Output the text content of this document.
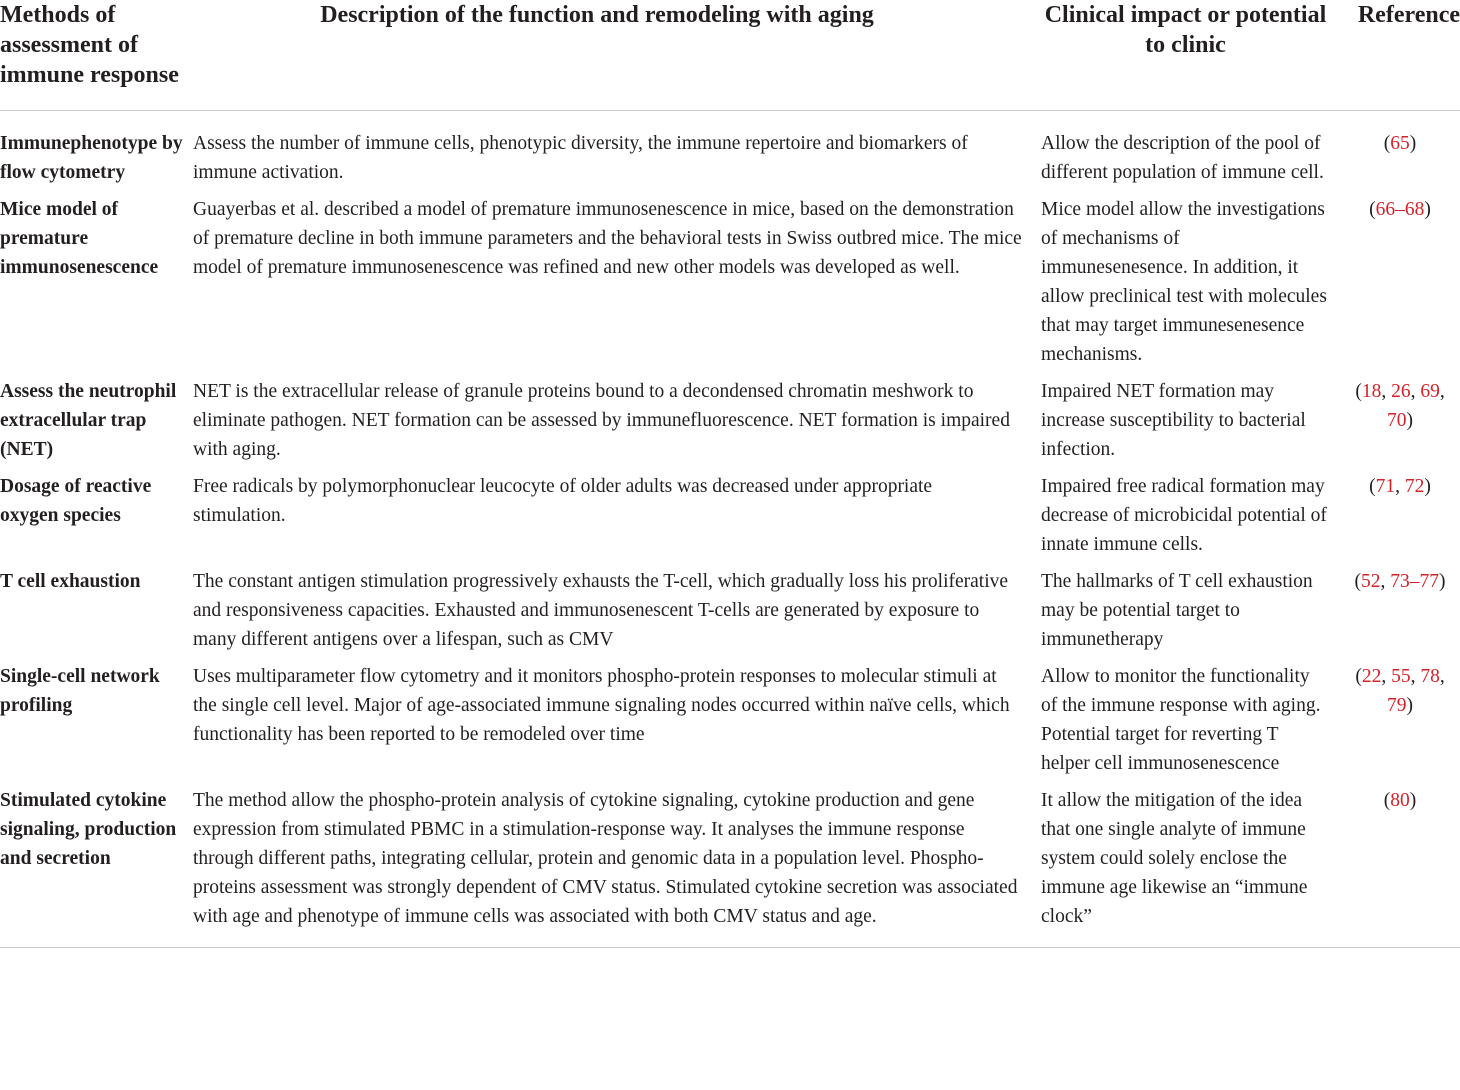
Methods of assessment of immune response	Description of the function and remodeling with aging	Clinical impact or potential to clinic	Reference
Immunephenotype by flow cytometry	Assess the number of immune cells, phenotypic diversity, the immune repertoire and biomarkers of immune activation.	Allow the description of the pool of different population of immune cell.	(65)
Mice model of premature immunosenescence	Guayerbas et al. described a model of premature immunosenescence in mice, based on the demonstration of premature decline in both immune parameters and the behavioral tests in Swiss outbred mice. The mice model of premature immunosenescence was refined and new other models was developed as well.	Mice model allow the investigations of mechanisms of immunesenesence. In addition, it allow preclinical test with molecules that may target immunesenesence mechanisms.	(66–68)
Assess the neutrophil extracellular trap (NET)	NET is the extracellular release of granule proteins bound to a decondensed chromatin meshwork to eliminate pathogen. NET formation can be assessed by immunefluorescence. NET formation is impaired with aging.	Impaired NET formation may increase susceptibility to bacterial infection.	(18, 26, 69, 70)
Dosage of reactive oxygen species	Free radicals by polymorphonuclear leucocyte of older adults was decreased under appropriate stimulation.	Impaired free radical formation may decrease of microbicidal potential of innate immune cells.	(71, 72)
T cell exhaustion	The constant antigen stimulation progressively exhausts the T-cell, which gradually loss his proliferative and responsiveness capacities. Exhausted and immunosenescent T-cells are generated by exposure to many different antigens over a lifespan, such as CMV	The hallmarks of T cell exhaustion may be potential target to immunetherapy	(52, 73–77)
Single-cell network profiling	Uses multiparameter flow cytometry and it monitors phospho-protein responses to molecular stimuli at the single cell level. Major of age-associated immune signaling nodes occurred within naïve cells, which functionality has been reported to be remodeled over time	Allow to monitor the functionality of the immune response with aging. Potential target for reverting T helper cell immunosenescence	(22, 55, 78, 79)
Stimulated cytokine signaling, production and secretion	The method allow the phospho-protein analysis of cytokine signaling, cytokine production and gene expression from stimulated PBMC in a stimulation-response way. It analyses the immune response through different paths, integrating cellular, protein and genomic data in a population level. Phospho-proteins assessment was strongly dependent of CMV status. Stimulated cytokine secretion was associated with age and phenotype of immune cells was associated with both CMV status and age.	It allow the mitigation of the idea that one single analyte of immune system could solely enclose the immune age likewise an “immune clock”	(80)
